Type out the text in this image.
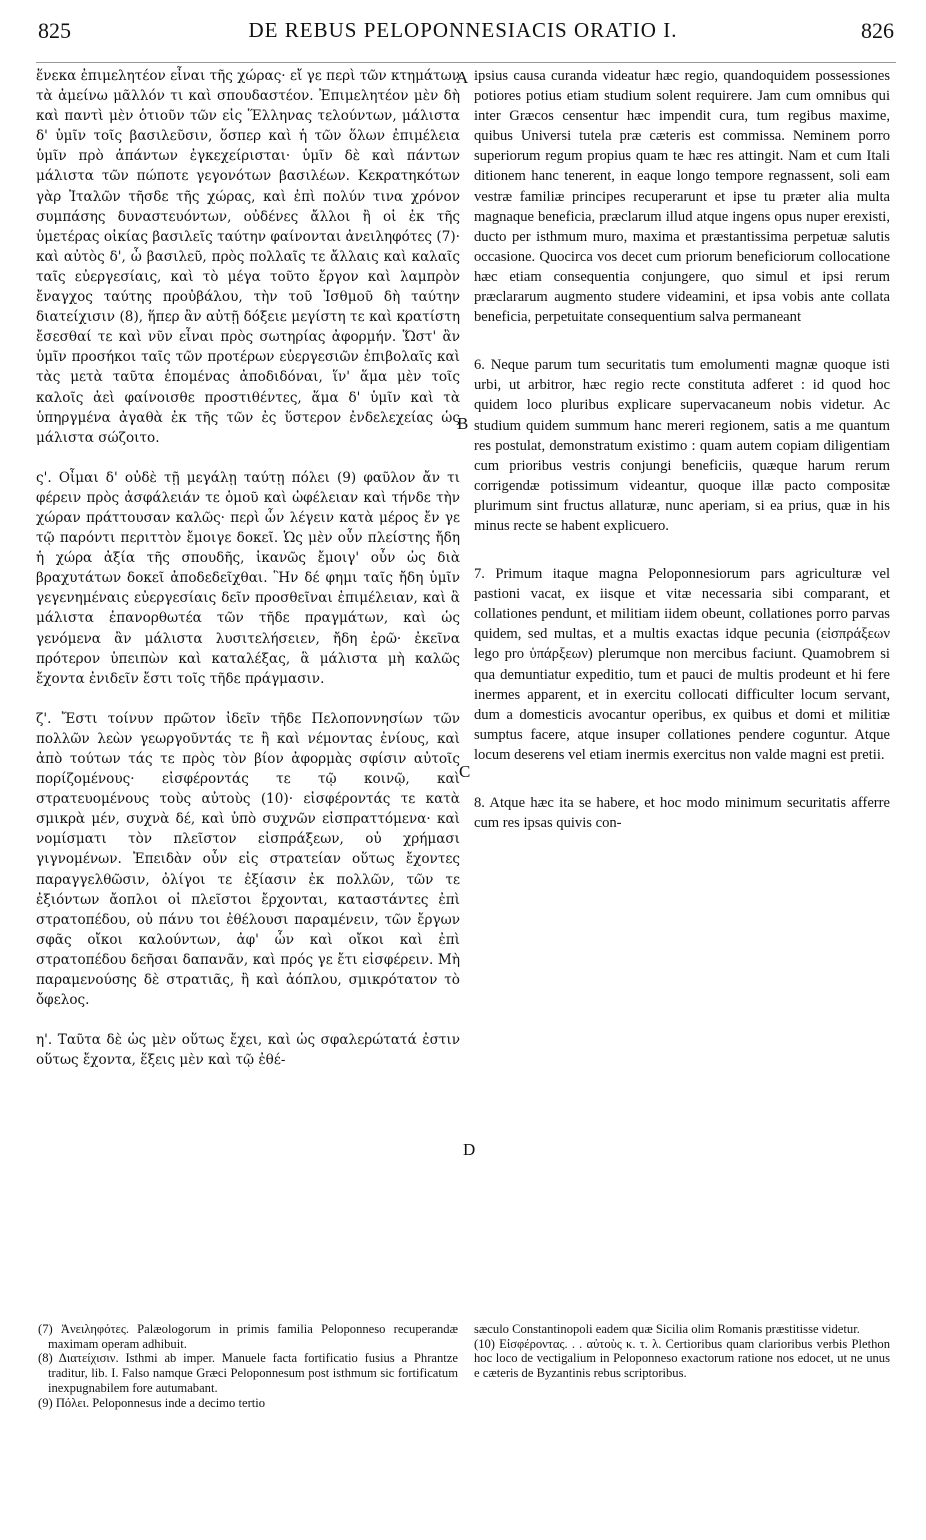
825	DE REBUS PELOPONNESIACIS ORATIO I.	826

ἕνεκα ἐπιμελητέον εἶναι τῆς χώρας· εἴ γε περὶ τῶν κτημάτων τὰ ἀμείνω μᾶλλόν τι καὶ σπουδαστέον. Ἐπιμελητέον μὲν δὴ καὶ παντὶ μὲν ὁτιοῦν τῶν εἰς Ἕλληνας τελούντων, μάλιστα δ' ὑμῖν τοῖς βασιλεῦσιν, ὅσπερ καὶ ἡ τῶν ὅλων ἐπιμέλεια ὑμῖν πρὸ ἁπάντων ἐγκεχείρισται· ὑμῖν δὲ καὶ πάντων μάλιστα τῶν πώποτε γεγονότων βασιλέων. Κεκρατηκότων γὰρ Ἰταλῶν τῆσδε τῆς χώρας, καὶ ἐπὶ πολύν τινα χρόνον συμπάσης δυναστευόντων, οὐδένες ἄλλοι ἢ οἱ ἐκ τῆς ὑμετέρας οἰκίας βασιλεῖς ταύτην φαίνονται ἀνειληφότες (7)· καὶ αὐτὸς δ', ὦ βασιλεῦ, πρὸς πολλαῖς τε ἄλλαις καὶ καλαῖς ταῖς εὐεργεσίαις, καὶ τὸ μέγα τοῦτο ἔργον καὶ λαμπρὸν ἔναγχος ταύτης προὐβάλου, τὴν τοῦ Ἰσθμοῦ δὴ ταύτην διατείχισιν (8), ἥπερ ἂν αὐτῇ δόξειε μεγίστη τε καὶ κρατίστη ἔσεσθαί τε καὶ νῦν εἶναι πρὸς σωτηρίας ἀφορμήν. Ὥστ' ἂν ὑμῖν προσήκοι ταῖς τῶν προτέρων εὐεργεσιῶν ἐπιβολαῖς καὶ τὰς μετὰ ταῦτα ἑπομένας ἀποδιδόναι, ἵν' ἅμα μὲν τοῖς καλοῖς ἀεὶ φαίνοισθε προστιθέντες, ἅμα δ' ὑμῖν καὶ τὰ ὑπηργμένα ἀγαθὰ ἐκ τῆς τῶν ἐς ὕστερον ἐνδελεχείας ὡς μάλιστα σώζοιτο.

ς'. Οἶμαι δ' οὐδὲ τῇ μεγάλῃ ταύτῃ πόλει (9) φαῦλον ἄν τι φέρειν πρὸς ἀσφάλειάν τε ὁμοῦ καὶ ὠφέλειαν καὶ τήνδε τὴν χώραν πράττουσαν καλῶς· περὶ ὧν λέγειν κατὰ μέρος ἔν γε τῷ παρόντι περιττὸν ἔμοιγε δοκεῖ. Ὡς μὲν οὖν πλείστης ἤδη ἡ χώρα ἀξία τῆς σπουδῆς, ἱκανῶς ἔμοιγ' οὖν ὡς διὰ βραχυτάτων δοκεῖ ἀποδεδεῖχθαι. Ἣν δέ φημι ταῖς ἤδη ὑμῖν γεγενημέναις εὐεργεσίαις δεῖν προσθεῖναι ἐπιμέλειαν, καὶ ἃ μάλιστα ἐπανορθωτέα τῶν τῆδε πραγμάτων, καὶ ὡς γενόμενα ἂν μάλιστα λυσιτελήσειεν, ἤδη ἐρῶ· ἐκεῖνα πρότερον ὑπειπὼν καὶ καταλέξας, ἃ μάλιστα μὴ καλῶς ἔχοντα ἐνιδεῖν ἔστι τοῖς τῆδε πράγμασιν.

ζ'. Ἔστι τοίνυν πρῶτον ἰδεῖν τῆδε Πελοποννησίων τῶν πολλῶν λεὼν γεωργοῦντάς τε ἢ καὶ νέμοντας ἐνίους, καὶ ἀπὸ τούτων τάς τε πρὸς τὸν βίον ἀφορμὰς σφίσιν αὐτοῖς πορίζομένους· εἰσφέροντάς τε τῷ κοινῷ, καὶ στρατευομένους τοὺς αὐτοὺς (10)· εἰσφέροντάς τε κατὰ σμικρὰ μέν, συχνὰ δέ, καὶ ὑπὸ συχνῶν εἰσπραττόμενα· καὶ νομίσματι τὸν πλεῖστον εἰσπράξεων, οὐ χρήμασι γιγνομένων. Ἐπειδὰν οὖν εἰς στρατείαν οὕτως ἔχοντες παραγγελθῶσιν, ὀλίγοι τε ἐξίασιν ἐκ πολλῶν, τῶν τε ἐξιόντων ἄοπλοι οἱ πλεῖστοι ἔρχονται, καταστάντες ἐπὶ στρατοπέδου, οὐ πάνυ τοι ἐθέλουσι παραμένειν, τῶν ἔργων σφᾶς οἴκοι καλούντων, ἀφ' ὧν καὶ οἴκοι καὶ ἐπὶ στρατοπέδου δεῆσαι δαπανᾶν, καὶ πρός γε ἔτι εἰσφέρειν. Μὴ παραμενούσης δὲ στρατιᾶς, ἢ καὶ ἀόπλου, σμικρότατον τὸ ὄφελος.

η'. Ταῦτα δὲ ὡς μὲν οὕτως ἔχει, καὶ ὡς σφαλερώτατά ἐστιν οὕτως ἔχοντα, ἕξεις μὲν καὶ τῷ ἐθέ-

ipsius causa curanda videatur hæc regio, quandoquidem possessiones potiores potius etiam studium solent requirere. Jam cum omnibus qui inter Græcos censentur hæc impendit cura, tum regibus maxime, quibus Universi tutela præ cæteris est commissa. Neminem porro superiorum regum propius quam te hæc res attingit. Nam et cum Itali ditionem hanc tenerent, in eaque longo tempore regnassent, soli eam vestræ familiæ principes recuperarunt et ipse tu præter alia multa magnaque beneficia, præclarum illud atque ingens opus nuper erexisti, ducto per isthmum muro, maxima et præstantissima perpetuæ salutis occasione. Quocirca vos decet cum priorum beneficiorum collocatione hæc etiam consequentia conjungere, quo simul et ipsi rerum præclararum augmento studere videamini, et ipsa vobis ante collata beneficia, perpetuitate consequentium salva permaneant

6. Neque parum tum securitatis tum emolumenti magnæ quoque isti urbi, ut arbitror, hæc regio recte constituta adferet : id quod hoc quidem loco pluribus explicare supervacaneum nobis videtur. Ac studium quidem summum hanc mereri regionem, satis a me quantum res postulat, demonstratum existimo : quam autem copiam diligentiam cum prioribus vestris conjungi beneficiis, quæque harum rerum corrigendæ potissimum videantur, quoque illæ pacto compositæ plurimum sint fructus allaturæ, nunc aperiam, si ea prius, quæ in his minus recte se habent explicuero.

7. Primum itaque magna Peloponnesiorum pars agriculturæ vel pastioni vacat, ex iisque et vitæ necessaria sibi comparant, et collationes pendunt, et militiam iidem obeunt, collationes porro parvas quidem, sed multas, et a multis exactas idque pecunia (εἰσπράξεων lego pro ὑπάρξεων) plerumque non mercibus faciunt. Quamobrem si qua demuntiatur expeditio, tum et pauci de multis prodeunt et hi fere inermes apparent, et in exercitu collocati difficulter locum servant, dum a domesticis avocantur operibus, ex quibus et domi et militiæ sumptus facere, atque insuper collationes pendere coguntur. Atque locum deserens vel etiam inermis exercitus non valde magni est pretii.

8. Atque hæc ita se habere, et hoc modo minimum securitatis afferre cum res ipsas quivis con-

A
B
C
D

(7) Ἀνειληφότες. Palæologorum in primis familia Peloponneso recuperandæ maximam operam adhibuit.

(8) Διατείχισιν. Isthmi ab imper. Manuele facta fortificatio fusius a Phrantze traditur, lib. I. Falso namque Græci Peloponnesum post isthmum sic fortificatum inexpugnabilem fore autumabant.

(9) Πόλει. Peloponnesus inde a decimo tertio

sæculo Constantinopoli eadem quæ Sicilia olim Romanis præstitisse videtur.

(10) Εἰσφέροντας. . . αὐτοὺς κ. τ. λ. Certioribus quam clarioribus verbis Plethon hoc loco de vectigalium in Peloponneso exactorum ratione nos edocet, ut ne unus e cæteris de Byzantinis rebus scriptoribus.
